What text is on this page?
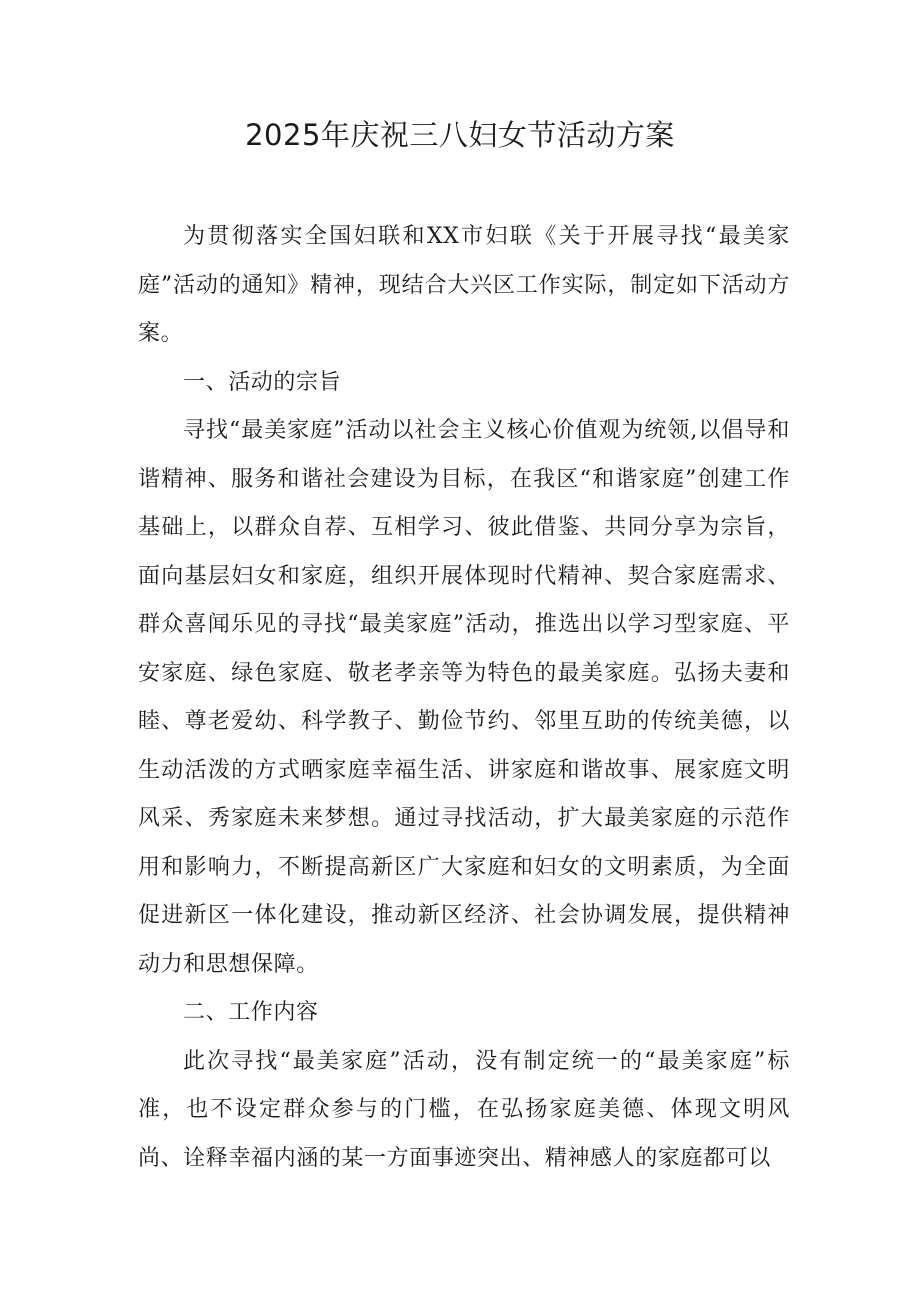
2025年庆祝三八妇女节活动方案

为贯彻落实全国妇联和XX市妇联《关于开展寻找“最美家庭”活动的通知》精神，现结合大兴区工作实际，制定如下活动方案。

一、活动的宗旨

寻找“最美家庭”活动以社会主义核心价值观为统领,以倡导和谐精神、服务和谐社会建设为目标，在我区“和谐家庭”创建工作基础上，以群众自荐、互相学习、彼此借鉴、共同分享为宗旨，面向基层妇女和家庭，组织开展体现时代精神、契合家庭需求、群众喜闻乐见的寻找“最美家庭”活动，推选出以学习型家庭、平安家庭、绿色家庭、敬老孝亲等为特色的最美家庭。弘扬夫妻和睦、尊老爱幼、科学教子、勤俭节约、邻里互助的传统美德，以生动活泼的方式晒家庭幸福生活、讲家庭和谐故事、展家庭文明风采、秀家庭未来梦想。通过寻找活动，扩大最美家庭的示范作用和影响力，不断提高新区广大家庭和妇女的文明素质，为全面促进新区一体化建设，推动新区经济、社会协调发展，提供精神动力和思想保障。

二、工作内容

此次寻找“最美家庭”活动，没有制定统一的“最美家庭”标准，也不设定群众参与的门槛，在弘扬家庭美德、体现文明风尚、诠释幸福内涵的某一方面事迹突出、精神感人的家庭都可以
